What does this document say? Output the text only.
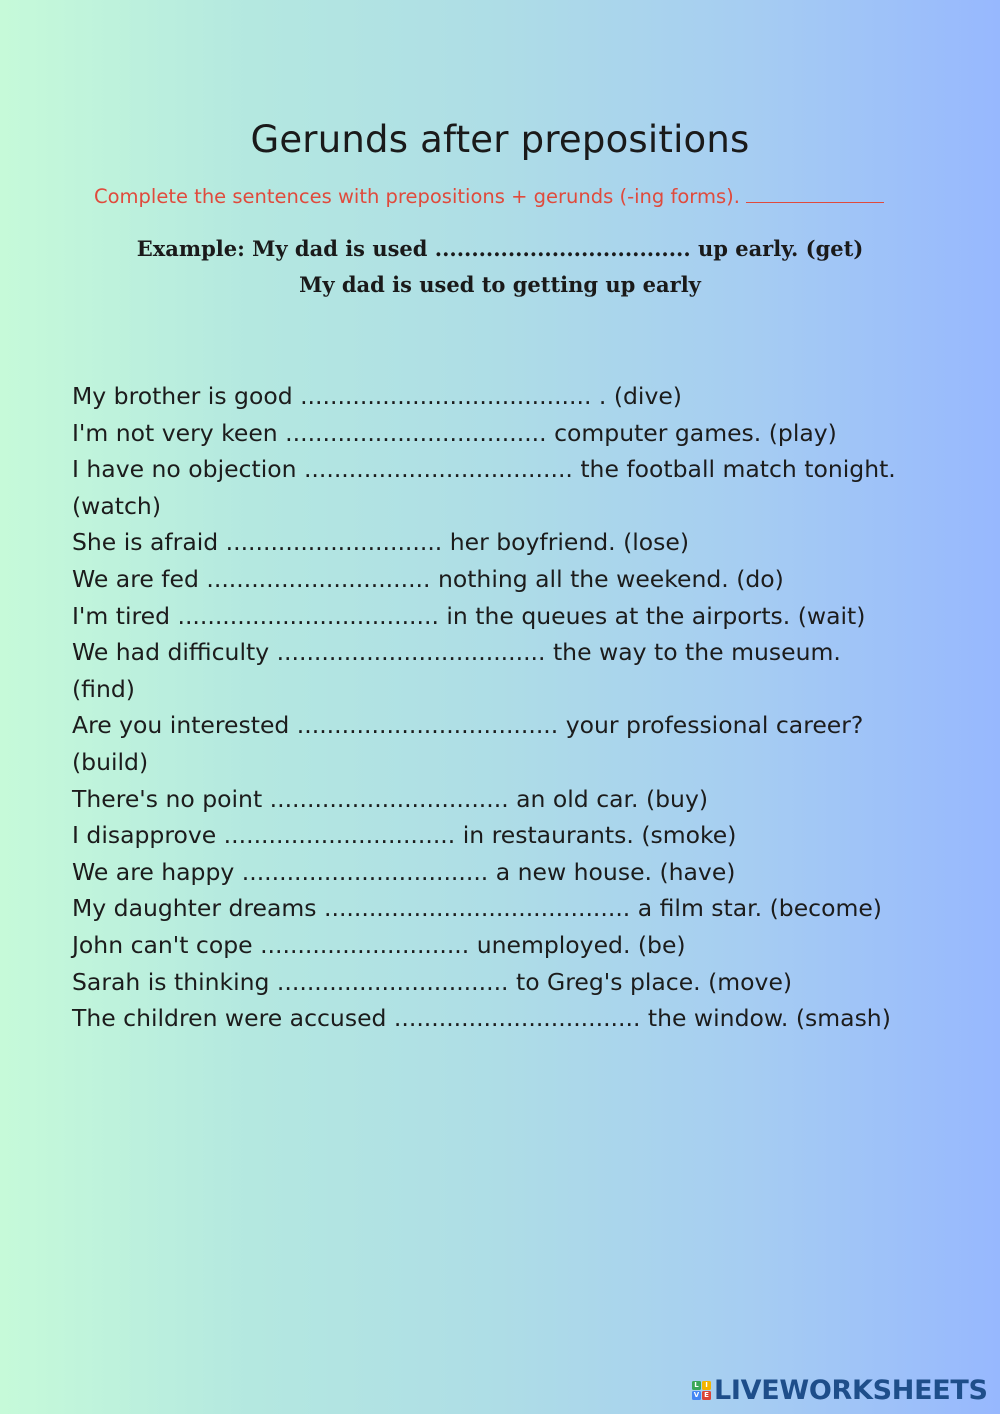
Gerunds after prepositions
Complete the sentences with prepositions + gerunds (-ing forms).
Example: My dad is used ................................... up early. (get)
My dad is used to getting up early
My brother is good ....................................... . (dive)
I'm not very keen ................................... computer games. (play)
I have no objection .................................... the football match tonight.
(watch)
She is afraid ............................. her boyfriend. (lose)
We are fed .............................. nothing all the weekend. (do)
I'm tired ................................... in the queues at the airports. (wait)
We had difficulty .................................... the way to the museum.
(find)
Are you interested ................................... your professional career?
(build)
There's no point ................................ an old car. (buy)
I disapprove ............................... in restaurants. (smoke)
We are happy ................................. a new house. (have)
My daughter dreams ......................................... a film star. (become)
John can't cope ............................ unemployed. (be)
Sarah is thinking ............................... to Greg's place. (move)
The children were accused ................................. the window. (smash)
L I
V E LIVEWORKSHEETS
